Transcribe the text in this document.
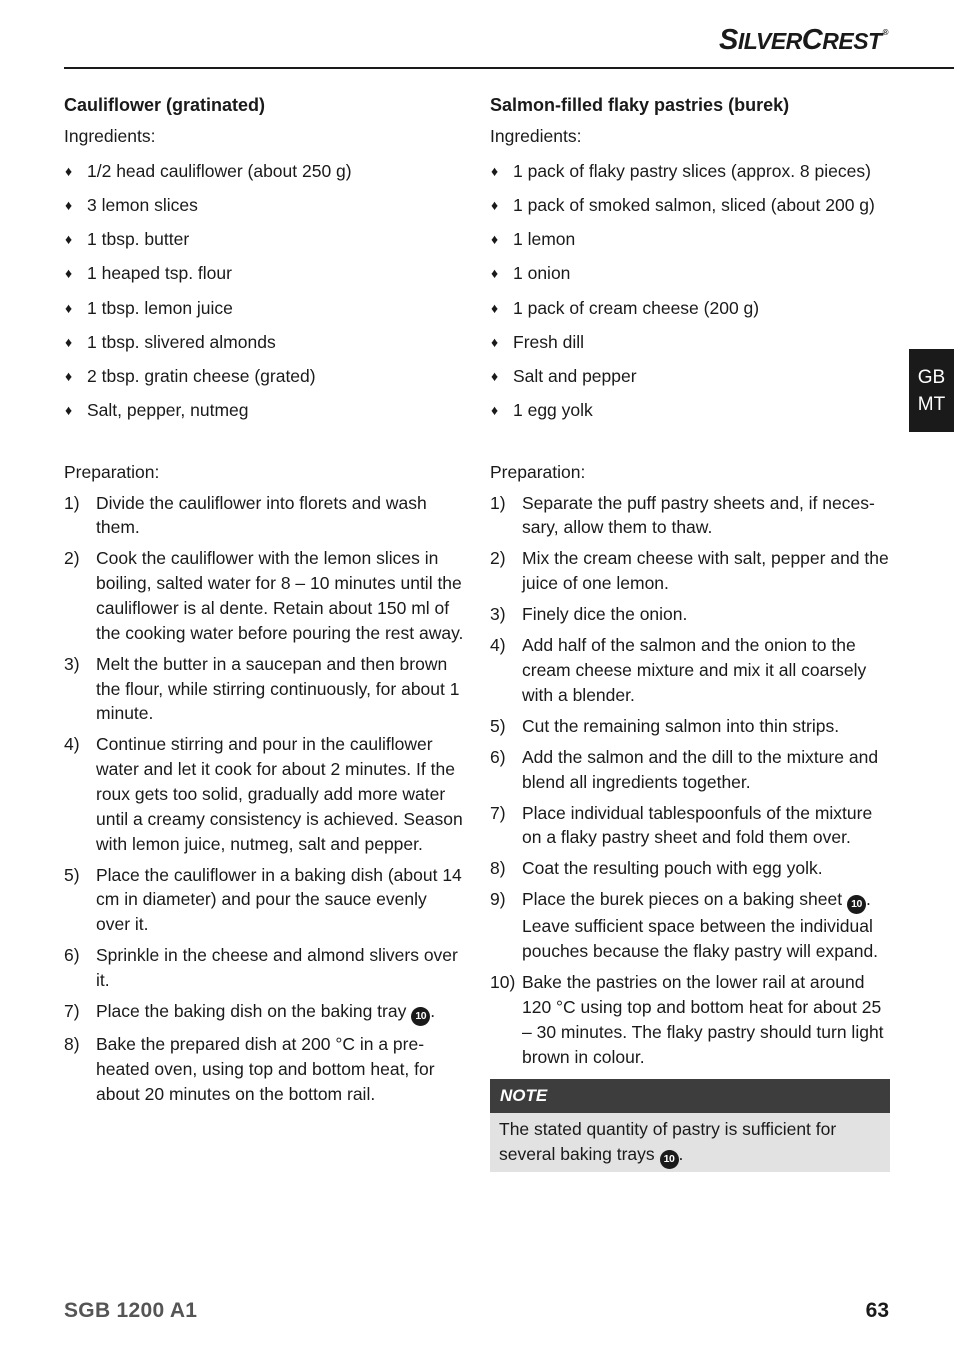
SILVERCREST®
GB
MT
Cauliflower (gratinated)
Ingredients:
♦ 1/2 head cauliflower (about 250 g)
♦ 3 lemon slices
♦ 1 tbsp. butter
♦ 1 heaped tsp. flour
♦ 1 tbsp. lemon juice
♦ 1 tbsp. slivered almonds
♦ 2 tbsp. gratin cheese (grated)
♦ Salt, pepper, nutmeg
Preparation:
1) Divide the cauliflower into florets and wash them.
2) Cook the cauliflower with the lemon slices in boiling, salted water for 8 – 10 minutes until the cauliflower is al dente. Retain about 150 ml of the cooking water before pouring the rest away.
3) Melt the butter in a saucepan and then brown the flour, while stirring continuously, for about 1 minute.
4) Continue stirring and pour in the cauliflower water and let it cook for about 2 minutes. If the roux gets too solid, gradually add more water until a creamy consistency is achieved. Season with lemon juice, nutmeg, salt and pepper.
5) Place the cauliflower in a baking dish (about 14 cm in diameter) and pour the sauce evenly over it.
6) Sprinkle in the cheese and almond slivers over it.
7) Place the baking dish on the baking tray 10 .
8) Bake the prepared dish at 200 °C in a pre-heated oven, using top and bottom heat, for about 20 minutes on the bottom rail.
Salmon-filled flaky pastries (burek)
Ingredients:
♦ 1 pack of flaky pastry slices (approx. 8 pieces)
♦ 1 pack of smoked salmon, sliced (about 200 g)
♦ 1 lemon
♦ 1 onion
♦ 1 pack of cream cheese (200 g)
♦ Fresh dill
♦ Salt and pepper
♦ 1 egg yolk
Preparation:
1) Separate the puff pastry sheets and, if neces-sary, allow them to thaw.
2) Mix the cream cheese with salt, pepper and the juice of one lemon.
3) Finely dice the onion.
4) Add half of the salmon and the onion to the cream cheese mixture and mix it all coarsely with a blender.
5) Cut the remaining salmon into thin strips.
6) Add the salmon and the dill to the mixture and blend all ingredients together.
7) Place individual tablespoonfuls of the mixture on a flaky pastry sheet and fold them over.
8) Coat the resulting pouch with egg yolk.
9) Place the burek pieces on a baking sheet 10 . Leave sufficient space between the individual pouches because the flaky pastry will expand.
10) Bake the pastries on the lower rail at around 120 °C using top and bottom heat for about 25 – 30 minutes. The flaky pastry should turn light brown in colour.
NOTE
The stated quantity of pastry is sufficient for several baking trays 10 .
SGB 1200 A1	63
